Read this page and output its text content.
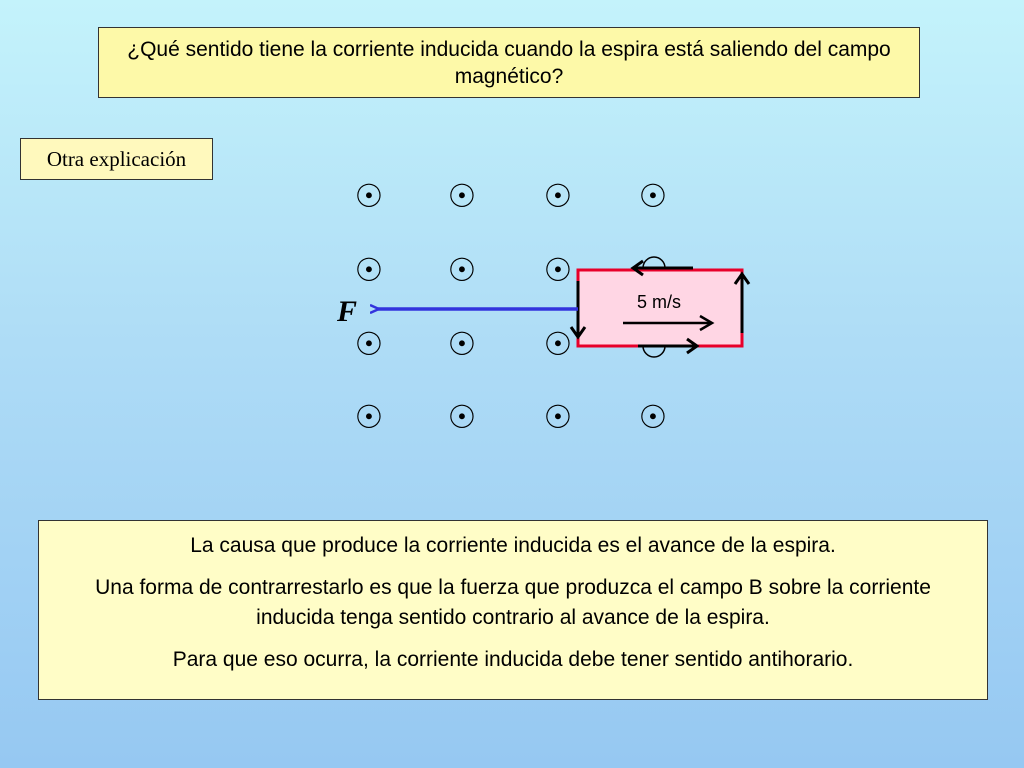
¿Qué sentido tiene la corriente inducida cuando la espira está saliendo del campo magnético?
Otra explicación
☉ ☉ ☉ ☉
☉ ☉ ☉
☉ ☉ ☉
☉ ☉ ☉ ☉
5 m/s
F

La causa que produce la corriente inducida es el avance de la espira.

Una forma de contrarrestarlo es que la fuerza que produzca el campo B sobre la corriente inducida tenga sentido contrario al avance de la espira.

Para que eso ocurra, la corriente inducida debe tener sentido antihorario.
